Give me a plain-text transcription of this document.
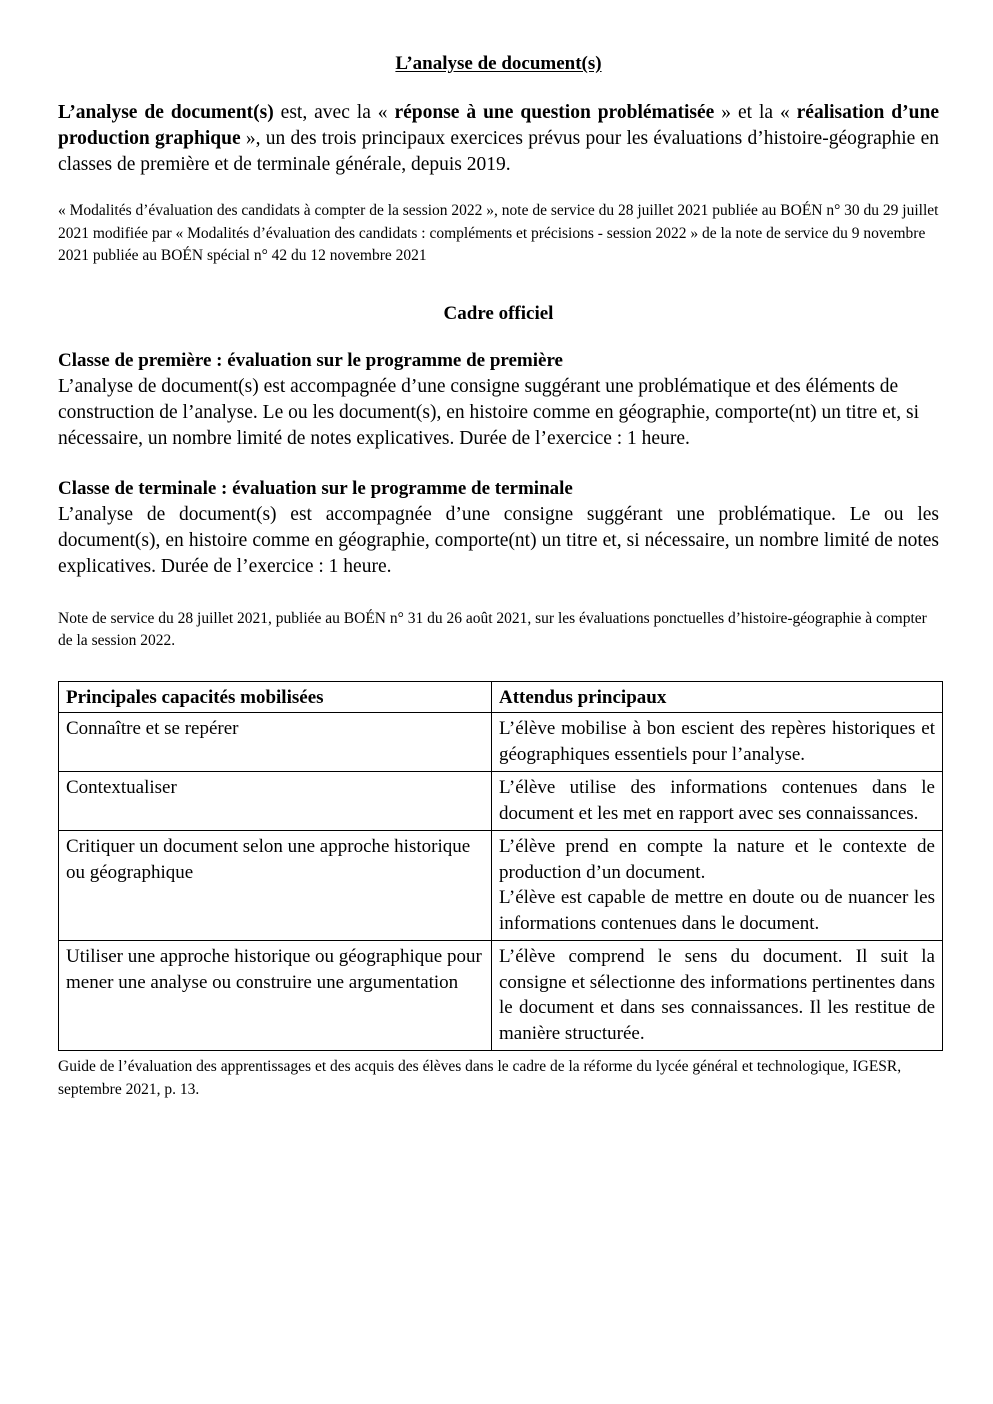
L’analyse de document(s)

L’analyse de document(s) est, avec la « réponse à une question problématisée » et la « réalisation d’une production graphique », un des trois principaux exercices prévus pour les évaluations d’histoire-géographie en classes de première et de terminale générale, depuis 2019.

« Modalités d’évaluation des candidats à compter de la session 2022 », note de service du 28 juillet 2021 publiée au BOÉN n° 30 du 29 juillet 2021 modifiée par « Modalités d’évaluation des candidats : compléments et précisions - session 2022 » de la note de service du 9 novembre 2021 publiée au BOÉN spécial n° 42 du 12 novembre 2021

Cadre officiel

Classe de première : évaluation sur le programme de première

L’analyse de document(s) est accompagnée d’une consigne suggérant une problématique et des éléments de construction de l’analyse. Le ou les document(s), en histoire comme en géographie, comporte(nt) un titre et, si nécessaire, un nombre limité de notes explicatives. Durée de l’exercice : 1 heure.

Classe de terminale : évaluation sur le programme de terminale

L’analyse de document(s) est accompagnée d’une consigne suggérant une problématique. Le ou les document(s), en histoire comme en géographie, comporte(nt) un titre et, si nécessaire, un nombre limité de notes explicatives. Durée de l’exercice : 1 heure.

Note de service du 28 juillet 2021, publiée au BOÉN n° 31 du 26 août 2021, sur les évaluations ponctuelles d’histoire-géographie à compter de la session 2022.

Principales capacités mobilisées	Attendus principaux
Connaître et se repérer	L’élève mobilise à bon escient des repères historiques et géographiques essentiels pour l’analyse.

Contextualiser	L’élève utilise des informations contenues dans le document et les met en rapport avec ses connaissances.

Critiquer un document selon une approche historique ou géographique	L’élève prend en compte la nature et le contexte de production d’un document.

L’élève est capable de mettre en doute ou de nuancer les informations contenues dans le document.

Utiliser une approche historique ou géographique pour mener une analyse ou construire une argumentation	L’élève comprend le sens du document. Il suit la consigne et sélectionne des informations pertinentes dans le document et dans ses connaissances. Il les restitue de manière structurée.

Guide de l’évaluation des apprentissages et des acquis des élèves dans le cadre de la réforme du lycée général et technologique, IGESR, septembre 2021, p. 13.
